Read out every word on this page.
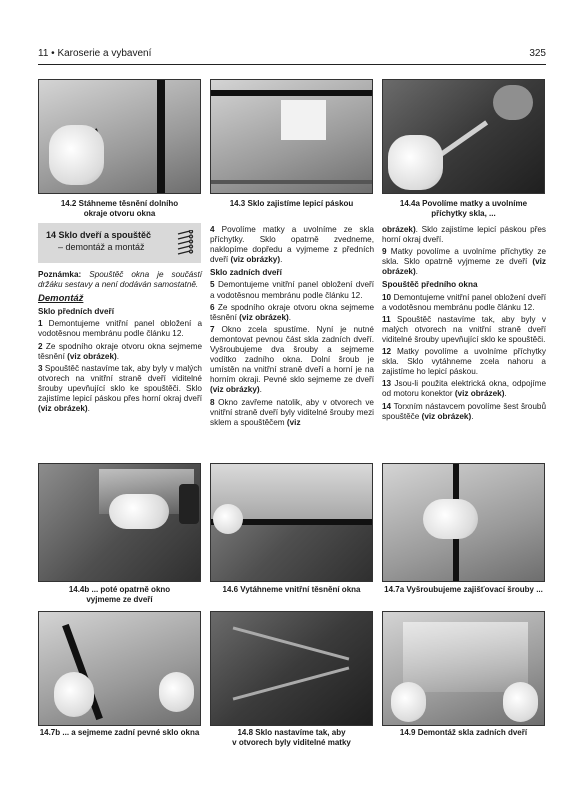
11 • Karoserie a vybavení	325
14.2 Stáhneme těsnění dolního
okraje otvoru okna
14.3 Sklo zajistíme lepicí páskou	14.4a Povolíme matky a uvolníme
příchytky skla, ...
14 Sklo dveří a spouštěč
– demontáž a montáž

Poznámka: Spouštěč okna je součástí držáku sestavy a není dodáván samostatně.

Demontáž

Sklo předních dveří

1 Demontujeme vnitřní panel obložení a vodotěsnou membránu podle článku 12.

2 Ze spodního okraje otvoru okna sejmeme těsnění (viz obrázek).

3 Spouštěč nastavíme tak, aby byly v malých otvorech na vnitřní straně dveří viditelné šrouby upevňující sklo ke spouštěči. Sklo zajistíme lepicí páskou přes horní okraj dveří (viz obrázek).

4 Povolíme matky a uvolníme ze skla příchytky. Sklo opatrně zvedneme, naklopíme dopředu a vyjmeme z předních dveří (viz obrázky).

Sklo zadních dveří

5 Demontujeme vnitřní panel obložení dveří a vodotěsnou membránu podle článku 12.

6 Ze spodního okraje otvoru okna sejmeme těsnění (viz obrázek).

7 Okno zcela spustíme. Nyní je nutné demontovat pevnou část skla zadních dveří. Vyšroubujeme dva šrouby a sejmeme vodítko zadního okna. Dolní šroub je umístěn na vnitřní straně dveří a horní je na horním okraji. Pevné sklo sejmeme ze dveří (viz obrázky).

8 Okno zavřeme natolik, aby v otvorech ve vnitřní straně dveří byly viditelné šrouby mezi sklem a spouštěčem (viz

obrázek). Sklo zajistíme lepicí páskou přes horní okraj dveří.

9 Matky povolíme a uvolníme příchytky ze skla. Sklo opatrně vyjmeme ze dveří (viz obrázek).

Spouštěč předního okna

10 Demontujeme vnitřní panel obložení dveří a vodotěsnou membránu podle článku 12.

11 Spouštěč nastavíme tak, aby byly v malých otvorech na vnitřní straně dveří viditelné šrouby upevňující sklo ke spouštěči.

12 Matky povolíme a uvolníme příchytky skla. Sklo vytáhneme zcela nahoru a zajistíme ho lepicí páskou.

13 Jsou-li použita elektrická okna, odpojíme od motoru konektor (viz obrázek).

14 Torxním nástavcem povolíme šest šroubů spouštěče (viz obrázek).

14.4b ... poté opatrně okno
vyjmeme ze dveří
14.6 Vytáhneme vnitřní těsnění okna	14.7a Vyšroubujeme zajišťovací šrouby ...
14.7b ... a sejmeme zadní pevné sklo okna	14.8 Sklo nastavíme tak, aby
v otvorech byly viditelné matky
14.9 Demontáž skla zadních dveří
